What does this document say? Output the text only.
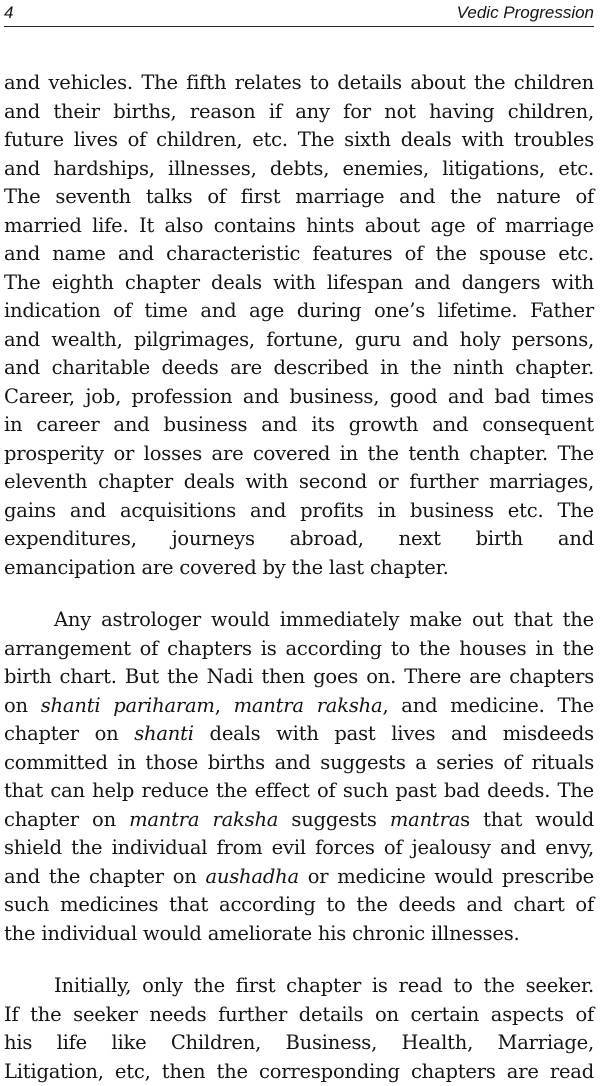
4	Vedic Progression
and vehicles. The fifth relates to details about the children
and their births, reason if any for not having children,
future lives of children, etc. The sixth deals with troubles
and hardships, illnesses, debts, enemies, litigations, etc.
The seventh talks of first marriage and the nature of
married life. It also contains hints about age of marriage
and name and characteristic features of the spouse etc.
The eighth chapter deals with lifespan and dangers with
indication of time and age during one’s lifetime. Father
and wealth, pilgrimages, fortune, guru and holy persons,
and charitable deeds are described in the ninth chapter.
Career, job, profession and business, good and bad times
in career and business and its growth and consequent
prosperity or losses are covered in the tenth chapter. The
eleventh chapter deals with second or further marriages,
gains and acquisitions and profits in business etc. The
expenditures, journeys abroad, next birth and
emancipation are covered by the last chapter.
Any astrologer would immediately make out that the
arrangement of chapters is according to the houses in the
birth chart. But the Nadi then goes on. There are chapters
on shanti pariharam, mantra raksha, and medicine. The
chapter on shanti deals with past lives and misdeeds
committed in those births and suggests a series of rituals
that can help reduce the effect of such past bad deeds. The
chapter on mantra raksha suggests mantras that would
shield the individual from evil forces of jealousy and envy,
and the chapter on aushadha or medicine would prescribe
such medicines that according to the deeds and chart of
the individual would ameliorate his chronic illnesses.
Initially, only the first chapter is read to the seeker.
If the seeker needs further details on certain aspects of
his life like Children, Business, Health, Marriage,
Litigation, etc, then the corresponding chapters are read
